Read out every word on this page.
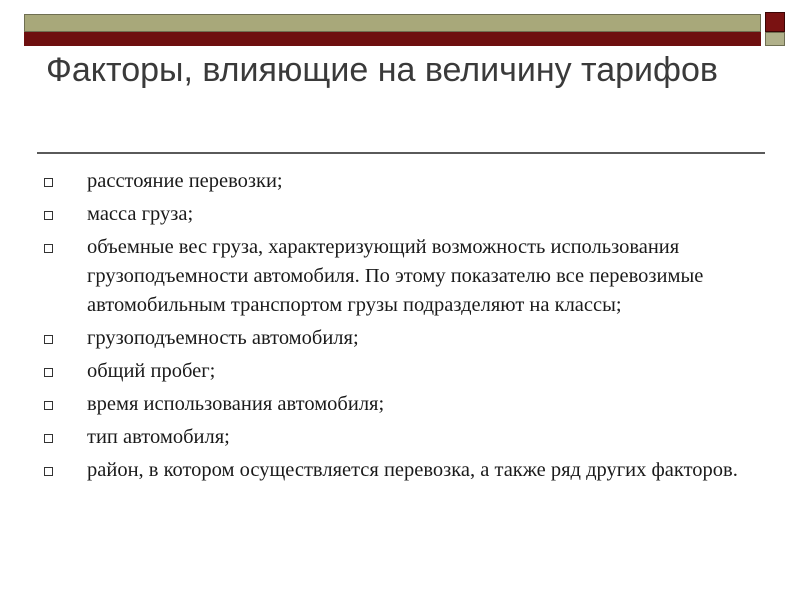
Факторы, влияющие на величину тарифов
расстояние перевозки;
масса груза;
объемные вес груза, характеризующий возможность использования грузоподъемности автомобиля. По этому показателю все перевозимые автомобильным транспортом грузы подразделяют на классы;
грузоподъемность автомобиля;
общий пробег;
время использования автомобиля;
тип автомобиля;
район, в котором осуществляется перевозка, а также ряд других факторов.
